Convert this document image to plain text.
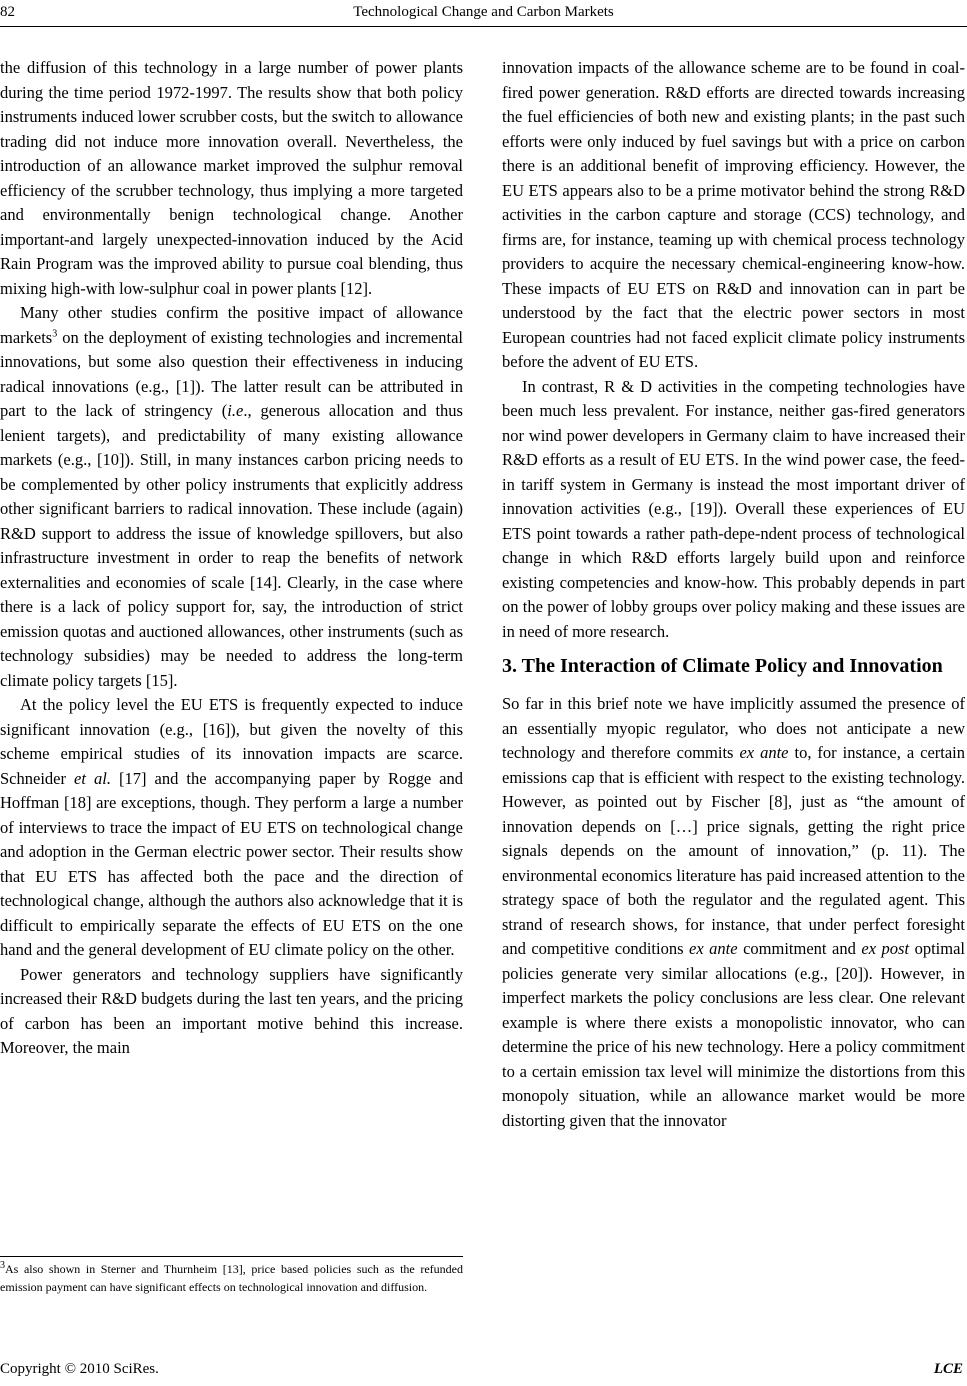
82	Technological Change and Carbon Markets

the diffusion of this technology in a large number of power plants during the time period 1972-1997. The results show that both policy instruments induced lower scrubber costs, but the switch to allowance trading did not induce more innovation overall. Nevertheless, the introduction of an allowance market improved the sulphur removal efficiency of the scrubber technology, thus implying a more targeted and environmentally benign technological change. Another important-and largely unexpected-innovation induced by the Acid Rain Program was the improved ability to pursue coal blending, thus mixing high-with low-sulphur coal in power plants [12].

Many other studies confirm the positive impact of allowance markets$^3$ on the deployment of existing technologies and incremental innovations, but some also question their effectiveness in inducing radical innovations (e.g., [1]). The latter result can be attributed in part to the lack of stringency (i.e., generous allocation and thus lenient targets), and predictability of many existing allowance markets (e.g., [10]). Still, in many instances carbon pricing needs to be complemented by other policy instruments that explicitly address other significant barriers to radical innovation. These include (again) R&D support to address the issue of knowledge spillovers, but also infrastructure investment in order to reap the benefits of network externalities and economies of scale [14]. Clearly, in the case where there is a lack of policy support for, say, the introduction of strict emission quotas and auctioned allowances, other instruments (such as technology subsidies) may be needed to address the long-term climate policy targets [15].

At the policy level the EU ETS is frequently expected to induce significant innovation (e.g., [16]), but given the novelty of this scheme empirical studies of its innovation impacts are scarce. Schneider et al. [17] and the accompanying paper by Rogge and Hoffman [18] are exceptions, though. They perform a large a number of interviews to trace the impact of EU ETS on technological change and adoption in the German electric power sector. Their results show that EU ETS has affected both the pace and the direction of technological change, although the authors also acknowledge that it is difficult to empirically separate the effects of EU ETS on the one hand and the general development of EU climate policy on the other.

Power generators and technology suppliers have significantly increased their R&D budgets during the last ten years, and the pricing of carbon has been an important motive behind this increase. Moreover, the main

$^3$As also shown in Sterner and Thurnheim [13], price based policies such as the refunded emission payment can have significant effects on technological innovation and diffusion.

innovation impacts of the allowance scheme are to be found in coal-fired power generation. R&D efforts are directed towards increasing the fuel efficiencies of both new and existing plants; in the past such efforts were only induced by fuel savings but with a price on carbon there is an additional benefit of improving efficiency. However, the EU ETS appears also to be a prime motivator behind the strong R&D activities in the carbon capture and storage (CCS) technology, and firms are, for instance, teaming up with chemical process technology providers to acquire the necessary chemical-engineering know-how. These impacts of EU ETS on R&D and innovation can in part be understood by the fact that the electric power sectors in most European countries had not faced explicit climate policy instruments before the advent of EU ETS.

In contrast, R & D activities in the competing technologies have been much less prevalent. For instance, neither gas-fired generators nor wind power developers in Germany claim to have increased their R&D efforts as a result of EU ETS. In the wind power case, the feed-in tariff system in Germany is instead the most important driver of innovation activities (e.g., [19]). Overall these experiences of EU ETS point towards a rather path-depe-ndent process of technological change in which R&D efforts largely build upon and reinforce existing competencies and know-how. This probably depends in part on the power of lobby groups over policy making and these issues are in need of more research.

3. The Interaction of Climate Policy and Innovation

So far in this brief note we have implicitly assumed the presence of an essentially myopic regulator, who does not anticipate a new technology and therefore commits ex ante to, for instance, a certain emissions cap that is efficient with respect to the existing technology. However, as pointed out by Fischer [8], just as “the amount of innovation depends on […] price signals, getting the right price signals depends on the amount of innovation,” (p. 11). The environmental economics literature has paid increased attention to the strategy space of both the regulator and the regulated agent. This strand of research shows, for instance, that under perfect foresight and competitive conditions ex ante commitment and ex post optimal policies generate very similar allocations (e.g., [20]). However, in imperfect markets the policy conclusions are less clear. One relevant example is where there exists a monopolistic innovator, who can determine the price of his new technology. Here a policy commitment to a certain emission tax level will minimize the distortions from this monopoly situation, while an allowance market would be more distorting given that the innovator

Copyright © 2010 SciRes.	LCE
